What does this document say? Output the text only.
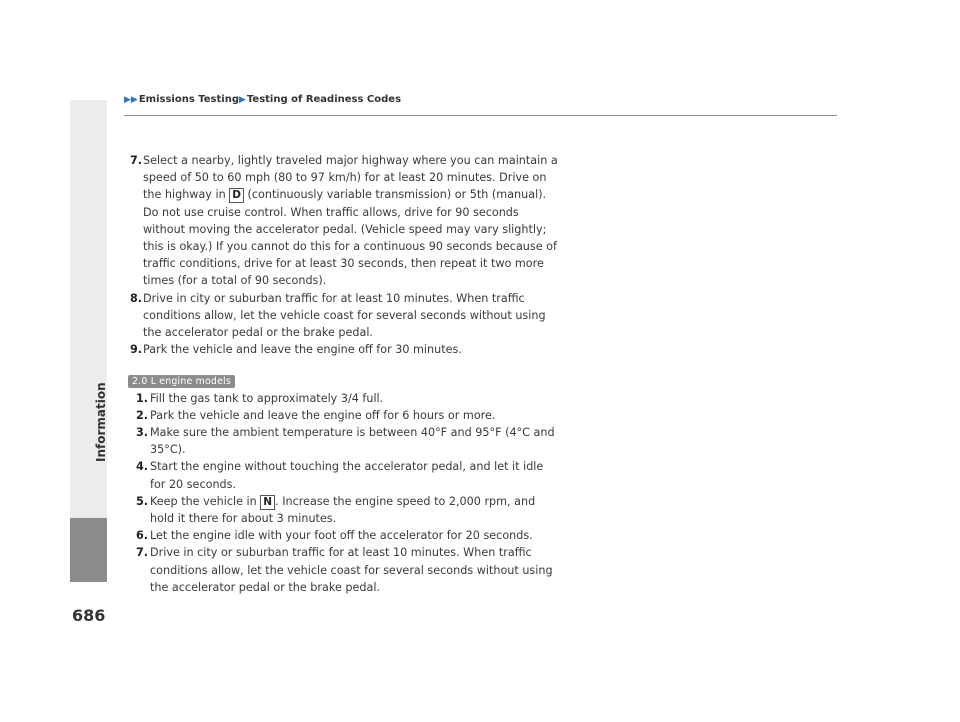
Information
▶▶ Emissions Testing ▶ Testing of Readiness Codes
7. Select a nearby, lightly traveled major highway where you can maintain a speed of 50 to 60 mph (80 to 97 km/h) for at least 20 minutes. Drive on the highway in D (continuously variable transmission) or 5th (manual). Do not use cruise control. When traffic allows, drive for 90 seconds without moving the accelerator pedal. (Vehicle speed may vary slightly; this is okay.) If you cannot do this for a continuous 90 seconds because of traffic conditions, drive for at least 30 seconds, then repeat it two more times (for a total of 90 seconds).
8. Drive in city or suburban traffic for at least 10 minutes. When traffic conditions allow, let the vehicle coast for several seconds without using the accelerator pedal or the brake pedal.
9. Park the vehicle and leave the engine off for 30 minutes.
2.0 L engine models
1. Fill the gas tank to approximately 3/4 full.
2. Park the vehicle and leave the engine off for 6 hours or more.
3. Make sure the ambient temperature is between 40°F and 95°F (4°C and 35°C).
4. Start the engine without touching the accelerator pedal, and let it idle for 20 seconds.
5. Keep the vehicle in N . Increase the engine speed to 2,000 rpm, and hold it there for about 3 minutes.
6. Let the engine idle with your foot off the accelerator for 20 seconds.
7. Drive in city or suburban traffic for at least 10 minutes. When traffic conditions allow, let the vehicle coast for several seconds without using the accelerator pedal or the brake pedal.
686
